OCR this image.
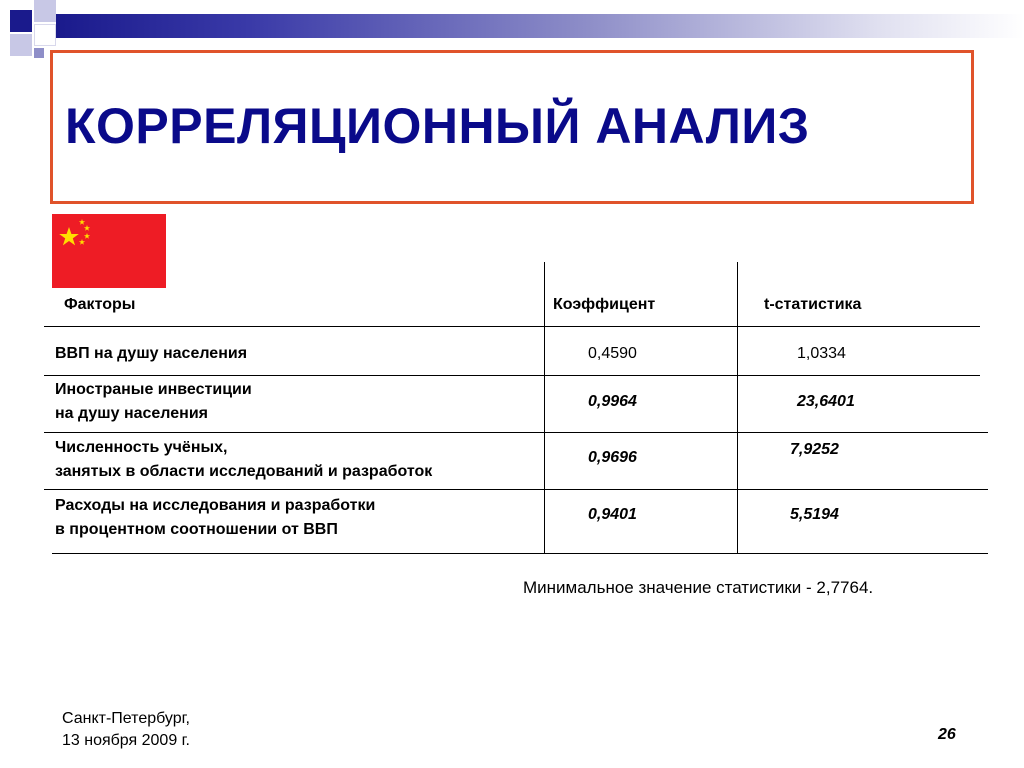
КОРРЕЛЯЦИОННЫЙ АНАЛИЗ
Факторы	Коэффицент	t-статистика
ВВП на душу населения	0,4590	1,0334
Иностраные инвестиции
на душу населения
0,9964	23,6401
Численность учёных,
занятых в области исследований и разработок
0,9696	7,9252
Расходы на исследования и разработки
в процентном соотношении от ВВП
0,9401	5,5194
Минимальное значение статистики - 2,7764.
Санкт-Петербург,
13 ноября 2009 г.	26
